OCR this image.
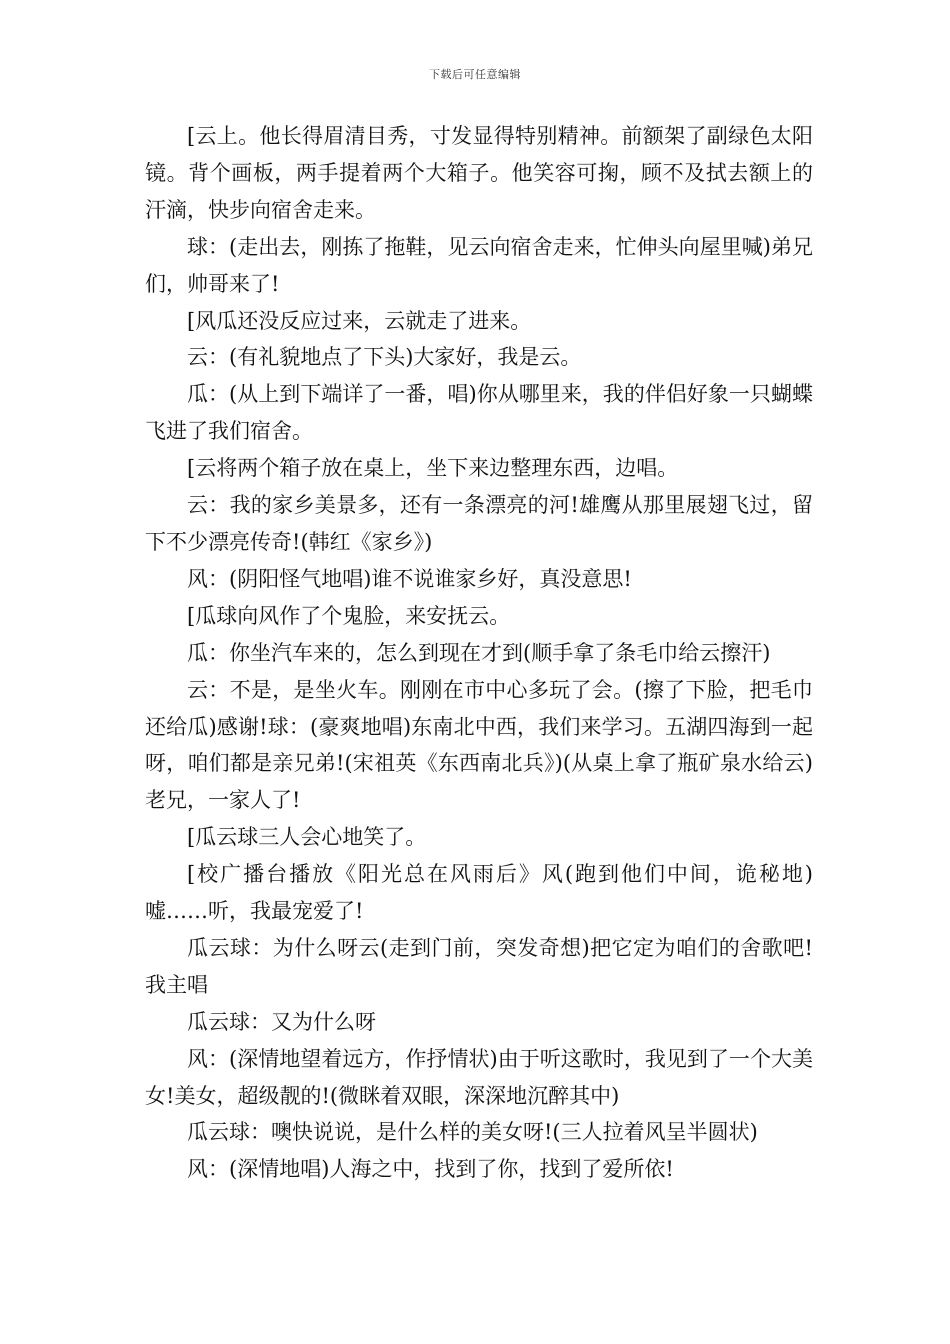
下载后可任意编辑

[云上。他长得眉清目秀，寸发显得特别精神。前额架了副绿色太阳镜。背个画板，两手提着两个大箱子。他笑容可掬，顾不及拭去额上的汗滴，快步向宿舍走来。

球：(走出去，刚拣了拖鞋，见云向宿舍走来，忙伸头向屋里喊)弟兄们，帅哥来了!

[风瓜还没反应过来，云就走了进来。

云：(有礼貌地点了下头)大家好，我是云。

瓜：(从上到下端详了一番，唱)你从哪里来，我的伴侣好象一只蝴蝶飞进了我们宿舍。

[云将两个箱子放在桌上，坐下来边整理东西，边唱。

云：我的家乡美景多，还有一条漂亮的河!雄鹰从那里展翅飞过，留下不少漂亮传奇!(韩红《家乡》)

风：(阴阳怪气地唱)谁不说谁家乡好，真没意思!

[瓜球向风作了个鬼脸，来安抚云。

瓜：你坐汽车来的，怎么到现在才到(顺手拿了条毛巾给云擦汗)

云：不是，是坐火车。刚刚在市中心多玩了会。(擦了下脸，把毛巾还给瓜)感谢!球：(豪爽地唱)东南北中西，我们来学习。五湖四海到一起呀，咱们都是亲兄弟!(宋祖英《东西南北兵》)(从桌上拿了瓶矿泉水给云)老兄，一家人了!

[瓜云球三人会心地笑了。

[校广播台播放《阳光总在风雨后》风(跑到他们中间，诡秘地)嘘……听，我最宠爱了!

瓜云球：为什么呀云(走到门前，突发奇想)把它定为咱们的舍歌吧!我主唱

瓜云球：又为什么呀

风：(深情地望着远方，作抒情状)由于听这歌时，我见到了一个大美女!美女，超级靓的!(微眯着双眼，深深地沉醉其中)

瓜云球：噢快说说，是什么样的美女呀!(三人拉着风呈半圆状)

风：(深情地唱)人海之中，找到了你，找到了爱所依!
